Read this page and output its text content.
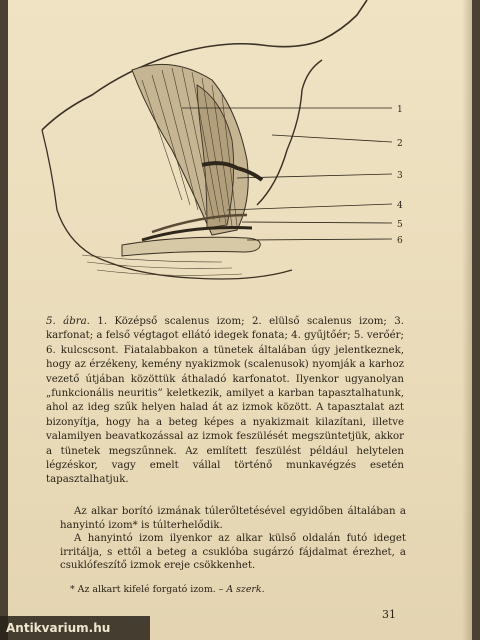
1
2
3
4
5
6
5. ábra. 1. Középső scalenus izom; 2. elülső scalenus izom; 3. karfonat; a felső végtagot ellátó idegek fonata; 4. gyűjtőér; 5. verőér; 6. kulcscsont. Fiatalabbakon a tünetek általában úgy jelentkeznek, hogy az érzékeny, kemény nyakizmok (scalenusok) nyomják a karhoz vezető útjában közöttük áthaladó karfonatot. Ilyenkor ugyanolyan „funkcionális neuritis” keletkezik, amilyet a karban tapasztalhatunk, ahol az ideg szűk helyen halad át az izmok között. A tapasztalat azt bizonyítja, hogy ha a beteg képes a nyakizmait kilazítani, illetve valamilyen beavatkozással az izmok feszülését megszüntetjük, akkor a tünetek megszűnnek. Az említett feszülést például helytelen légzéskor, vagy emelt vállal történő munkavégzés esetén tapasztalhatjuk.

Az alkar borító izmának túlerőltetésével egyidőben általában a hanyintó izom* is túlterhelődik.

A hanyintó izom ilyenkor az alkar külső oldalán futó ideget irritálja, s ettől a beteg a csuklóba sugárzó fájdalmat érezhet, a csuklófeszítő izmok ereje csökkenhet.

* Az alkart kifelé forgató izom. – A szerk.
31
Antikvarium.hu
